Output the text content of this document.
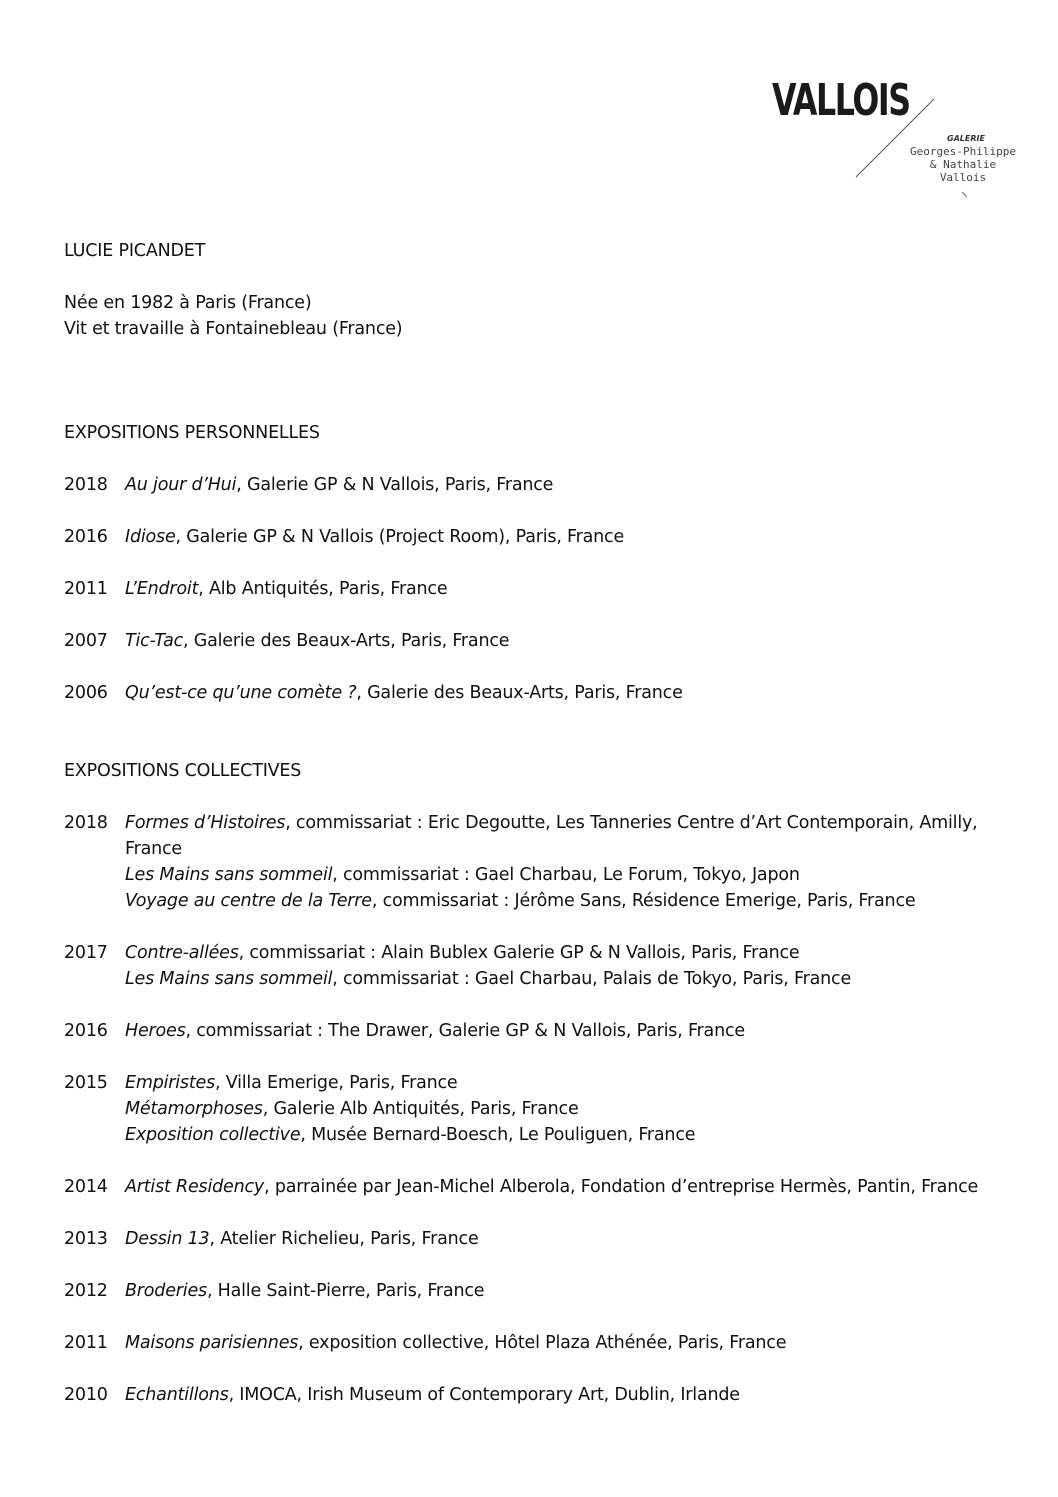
VALLOIS
GALERIE
Georges-Philippe
& Nathalie
Vallois
LUCIE PICANDET
Née en 1982 à Paris (France)
Vit et travaille à Fontainebleau (France)
EXPOSITIONS PERSONNELLES
2018 Au jour d’Hui, Galerie GP & N Vallois, Paris, France
2016 Idiose, Galerie GP & N Vallois (Project Room), Paris, France
2011 L’Endroit, Alb Antiquités, Paris, France
2007 Tic-Tac, Galerie des Beaux-Arts, Paris, France
2006 Qu’est-ce qu’une comète ?, Galerie des Beaux-Arts, Paris, France
EXPOSITIONS COLLECTIVES
2018 Formes d’Histoires, commissariat : Eric Degoutte, Les Tanneries Centre d’Art Contemporain, Amilly, France
Les Mains sans sommeil, commissariat : Gael Charbau, Le Forum, Tokyo, Japon
Voyage au centre de la Terre, commissariat : Jérôme Sans, Résidence Emerige, Paris, France
2017 Contre-allées, commissariat : Alain Bublex Galerie GP & N Vallois, Paris, France
Les Mains sans sommeil, commissariat : Gael Charbau, Palais de Tokyo, Paris, France
2016 Heroes, commissariat : The Drawer, Galerie GP & N Vallois, Paris, France
2015 Empiristes, Villa Emerige, Paris, France
Métamorphoses, Galerie Alb Antiquités, Paris, France
Exposition collective, Musée Bernard-Boesch, Le Pouliguen, France
2014 Artist Residency, parrainée par Jean-Michel Alberola, Fondation d’entreprise Hermès, Pantin, France
2013 Dessin 13, Atelier Richelieu, Paris, France
2012 Broderies, Halle Saint-Pierre, Paris, France
2011 Maisons parisiennes, exposition collective, Hôtel Plaza Athénée, Paris, France
2010 Echantillons, IMOCA, Irish Museum of Contemporary Art, Dublin, Irlande
